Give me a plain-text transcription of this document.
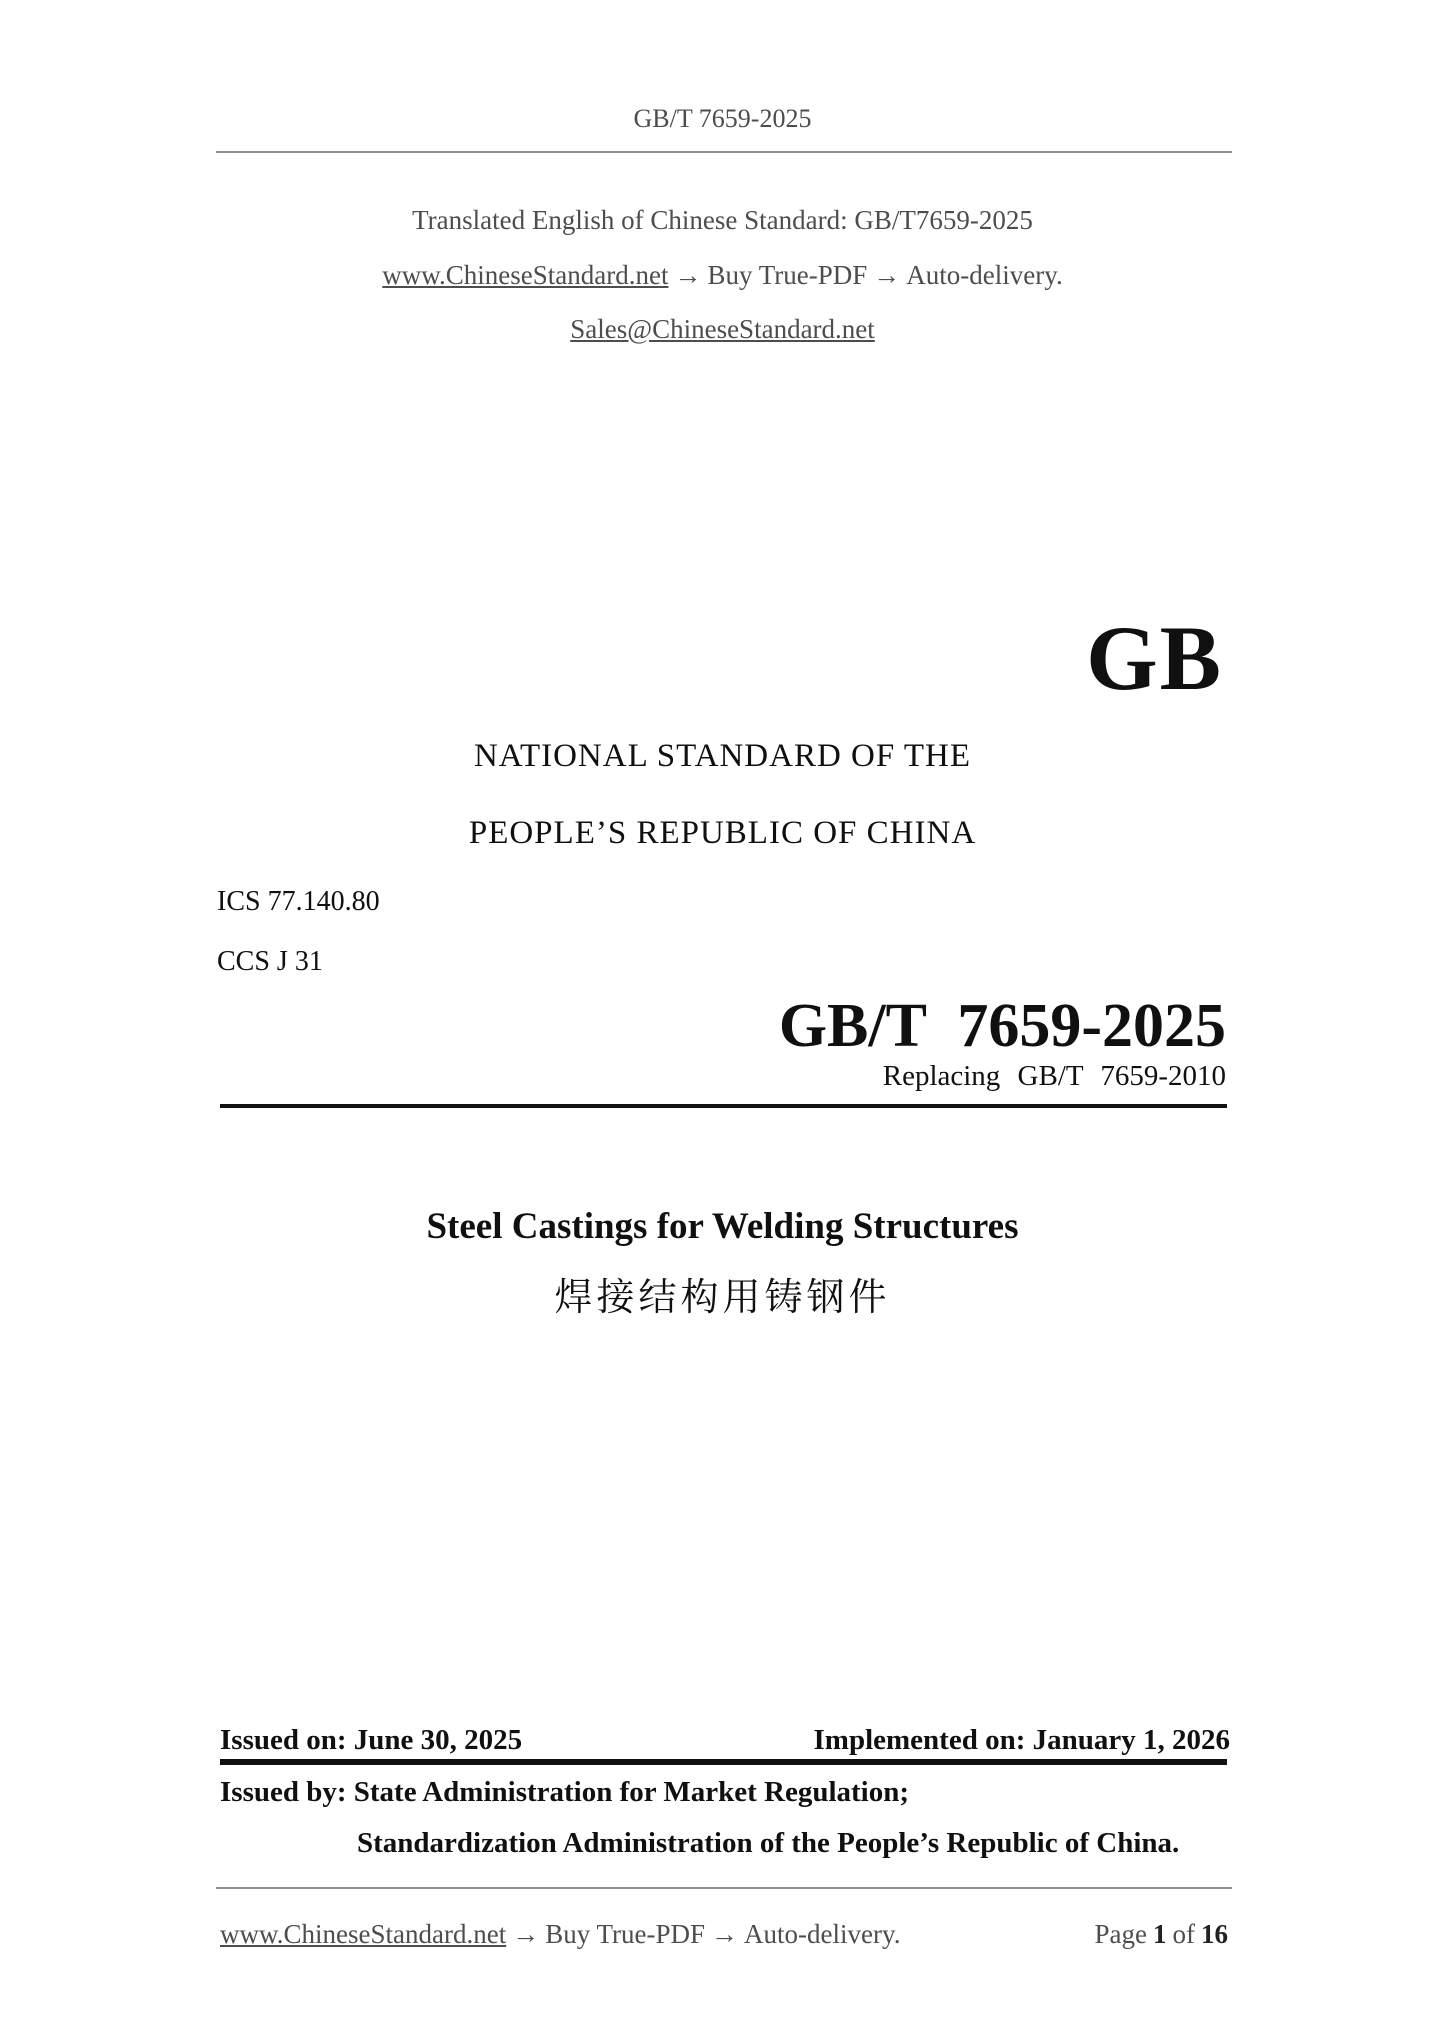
GB/T 7659-2025
Translated English of Chinese Standard: GB/T7659-2025
www.ChineseStandard.net → Buy True-PDF → Auto-delivery.
Sales@ChineseStandard.net
GB
NATIONAL STANDARD OF THE
PEOPLE’S REPUBLIC OF CHINA
ICS 77.140.80
CCS J 31
GB/T 7659-2025
Replacing GB/T 7659-2010
Steel Castings for Welding Structures
焊接结构用铸钢件
Issued on: June 30, 2025	Implemented on: January 1, 2026
Issued by: State Administration for Market Regulation;
Standardization Administration of the People’s Republic of China.
www.ChineseStandard.net → Buy True-PDF → Auto-delivery.	Page 1 of 16
